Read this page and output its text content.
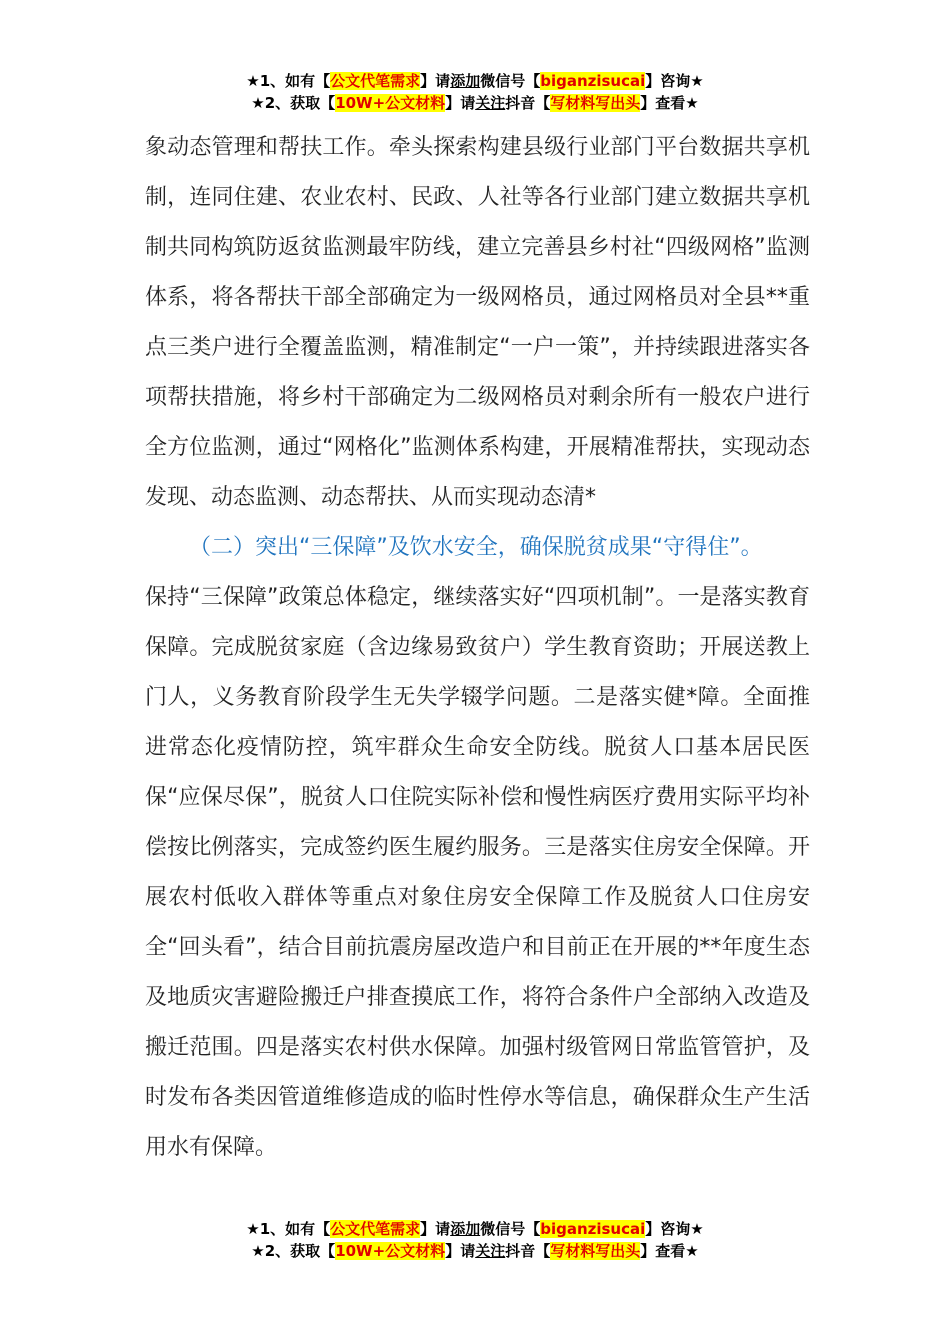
★1、如有【公文代笔需求】请添加微信号【biganzisucai】咨询★
★2、获取【10W+公文材料】请关注抖音【写材料写出头】查看★

象动态管理和帮扶工作。牵头探索构建县级行业部门平台数据共享机制，连同住建、农业农村、民政、人社等各行业部门建立数据共享机制共同构筑防返贫监测最牢防线，建立完善县乡村社“四级网格”监测体系，将各帮扶干部全部确定为一级网格员，通过网格员对全县**重点三类户进行全覆盖监测，精准制定“一户一策”，并持续跟进落实各项帮扶措施，将乡村干部确定为二级网格员对剩余所有一般农户进行全方位监测，通过“网格化”监测体系构建，开展精准帮扶，实现动态发现、动态监测、动态帮扶、从而实现动态清*

（二）突出“三保障”及饮水安全，确保脱贫成果“守得住”。

保持“三保障”政策总体稳定，继续落实好“四项机制”。一是落实教育保障。完成脱贫家庭（含边缘易致贫户）学生教育资助；开展送教上门人，义务教育阶段学生无失学辍学问题。二是落实健*障。全面推进常态化疫情防控，筑牢群众生命安全防线。脱贫人口基本居民医保“应保尽保”，脱贫人口住院实际补偿和慢性病医疗费用实际平均补偿按比例落实，完成签约医生履约服务。三是落实住房安全保障。开展农村低收入群体等重点对象住房安全保障工作及脱贫人口住房安全“回头看”，结合目前抗震房屋改造户和目前正在开展的**年度生态及地质灾害避险搬迁户排查摸底工作，将符合条件户全部纳入改造及搬迁范围。四是落实农村供水保障。加强村级管网日常监管管护，及时发布各类因管道维修造成的临时性停水等信息，确保群众生产生活用水有保障。

★1、如有【公文代笔需求】请添加微信号【biganzisucai】咨询★
★2、获取【10W+公文材料】请关注抖音【写材料写出头】查看★
